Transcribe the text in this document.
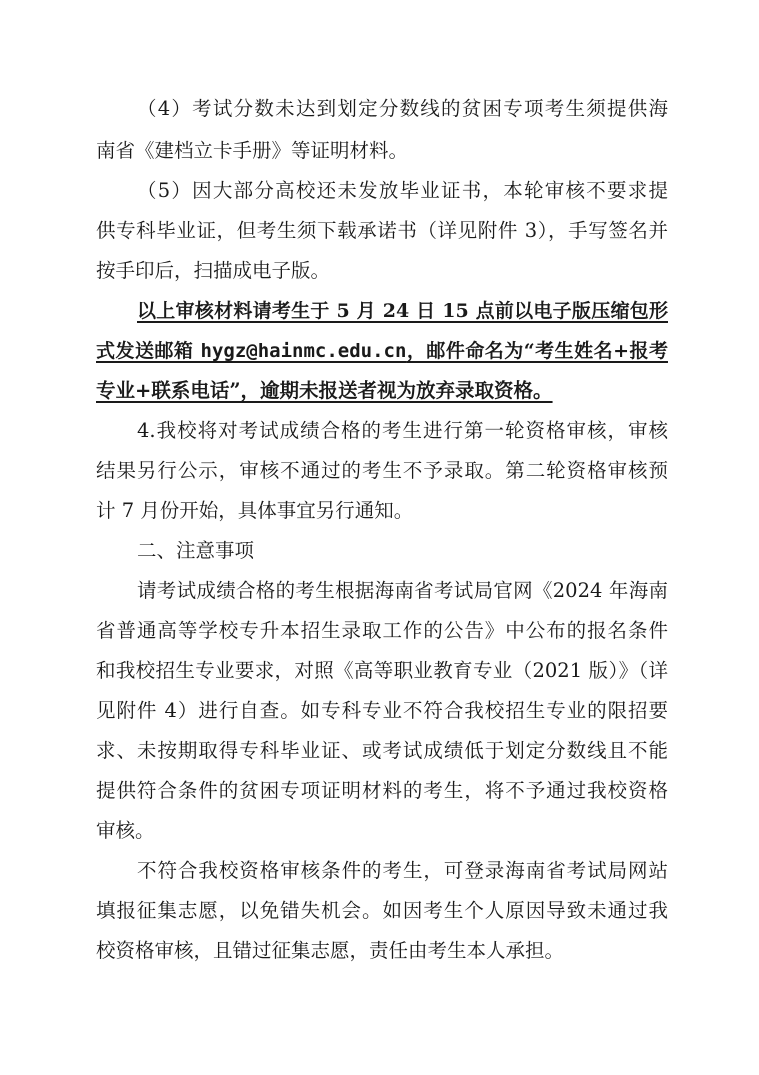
（4）考试分数未达到划定分数线的贫困专项考生须提供海
南省《建档立卡手册》等证明材料。
（5）因大部分高校还未发放毕业证书，本轮审核不要求提
供专科毕业证，但考生须下载承诺书（详见附件 3），手写签名并
按手印后，扫描成电子版。
以上审核材料请考生于 5 月 24 日 15 点前以电子版压缩包形
式发送邮箱 hygz@hainmc.edu.cn，邮件命名为“考生姓名+报考
专业+联系电话”，逾期未报送者视为放弃录取资格。
4.我校将对考试成绩合格的考生进行第一轮资格审核，审核
结果另行公示，审核不通过的考生不予录取。第二轮资格审核预
计 7 月份开始，具体事宜另行通知。
二、注意事项
请考试成绩合格的考生根据海南省考试局官网《2024 年海南
省普通高等学校专升本招生录取工作的公告》中公布的报名条件
和我校招生专业要求，对照《高等职业教育专业（2021 版）》（详
见附件 4）进行自查。如专科专业不符合我校招生专业的限招要
求、未按期取得专科毕业证、或考试成绩低于划定分数线且不能
提供符合条件的贫困专项证明材料的考生，将不予通过我校资格
审核。
不符合我校资格审核条件的考生，可登录海南省考试局网站
填报征集志愿，以免错失机会。如因考生个人原因导致未通过我
校资格审核，且错过征集志愿，责任由考生本人承担。
